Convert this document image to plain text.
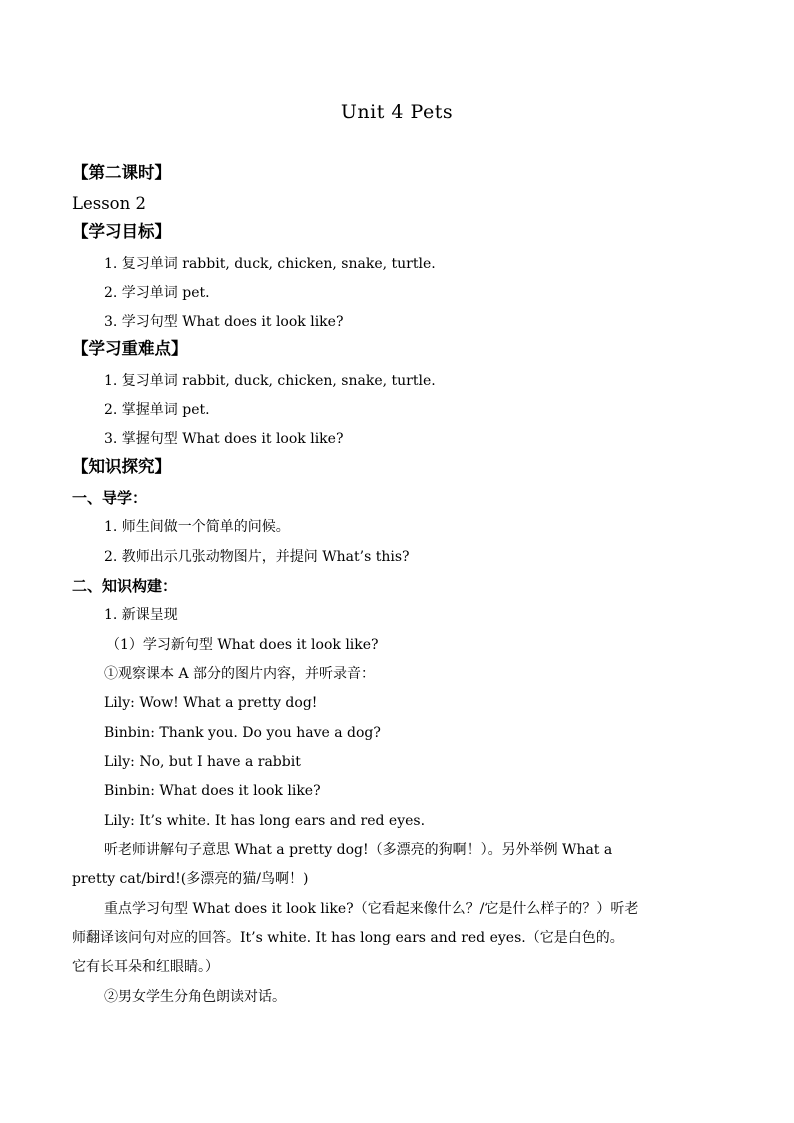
Unit 4 Pets
【第二课时】
Lesson 2
【学习目标】
1. 复习单词 rabbit, duck, chicken, snake, turtle.
2. 学习单词 pet.
3. 学习句型 What does it look like?
【学习重难点】
1. 复习单词 rabbit, duck, chicken, snake, turtle.
2. 掌握单词 pet.
3. 掌握句型 What does it look like?
【知识探究】
一、导学：
1. 师生间做一个简单的问候。
2. 教师出示几张动物图片，并提问 What’s this?
二、知识构建：
1. 新课呈现
（1）学习新句型 What does it look like?
①观察课本 A 部分的图片内容，并听录音：
Lily: Wow! What a pretty dog!
Binbin: Thank you. Do you have a dog?
Lily: No, but I have a rabbit
Binbin: What does it look like?
Lily: It’s white. It has long ears and red eyes.
听老师讲解句子意思 What a pretty dog!（多漂亮的狗啊！）。另外举例 What a
pretty cat/bird!(多漂亮的猫/鸟啊！)
重点学习句型 What does it look like?（它看起来像什么？/它是什么样子的？）听老
师翻译该问句对应的回答。It’s white. It has long ears and red eyes.（它是白色的。
它有长耳朵和红眼睛。）
②男女学生分角色朗读对话。
